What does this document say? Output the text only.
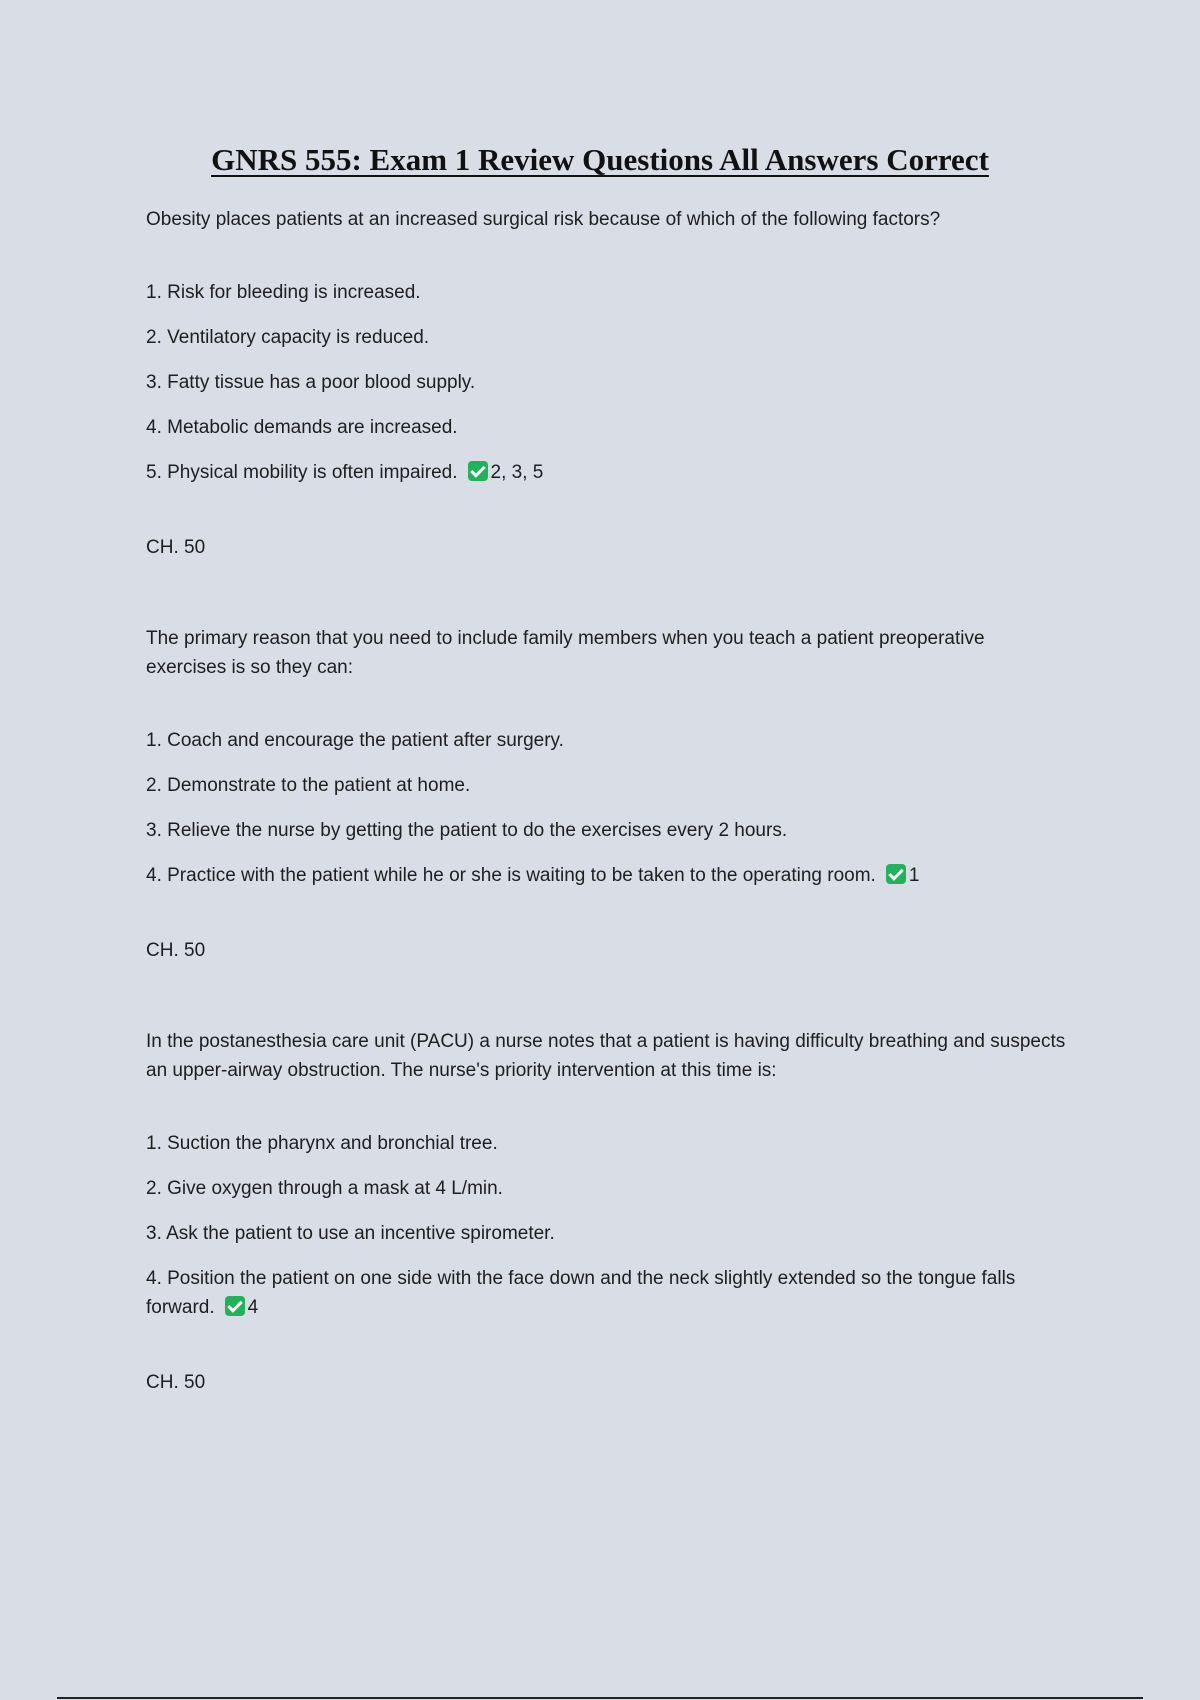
GNRS 555: Exam 1 Review Questions All Answers Correct

Obesity places patients at an increased surgical risk because of which of the following factors?

1. Risk for bleeding is increased.

2. Ventilatory capacity is reduced.

3. Fatty tissue has a poor blood supply.

4. Metabolic demands are increased.

5. Physical mobility is often impaired. 2, 3, 5

CH. 50

The primary reason that you need to include family members when you teach a patient preoperative exercises is so they can:

1. Coach and encourage the patient after surgery.

2. Demonstrate to the patient at home.

3. Relieve the nurse by getting the patient to do the exercises every 2 hours.

4. Practice with the patient while he or she is waiting to be taken to the operating room. 1

CH. 50

In the postanesthesia care unit (PACU) a nurse notes that a patient is having difficulty breathing and suspects an upper-airway obstruction. The nurse's priority intervention at this time is:

1. Suction the pharynx and bronchial tree.

2. Give oxygen through a mask at 4 L/min.

3. Ask the patient to use an incentive spirometer.

4. Position the patient on one side with the face down and the neck slightly extended so the tongue falls forward. 4

CH. 50
